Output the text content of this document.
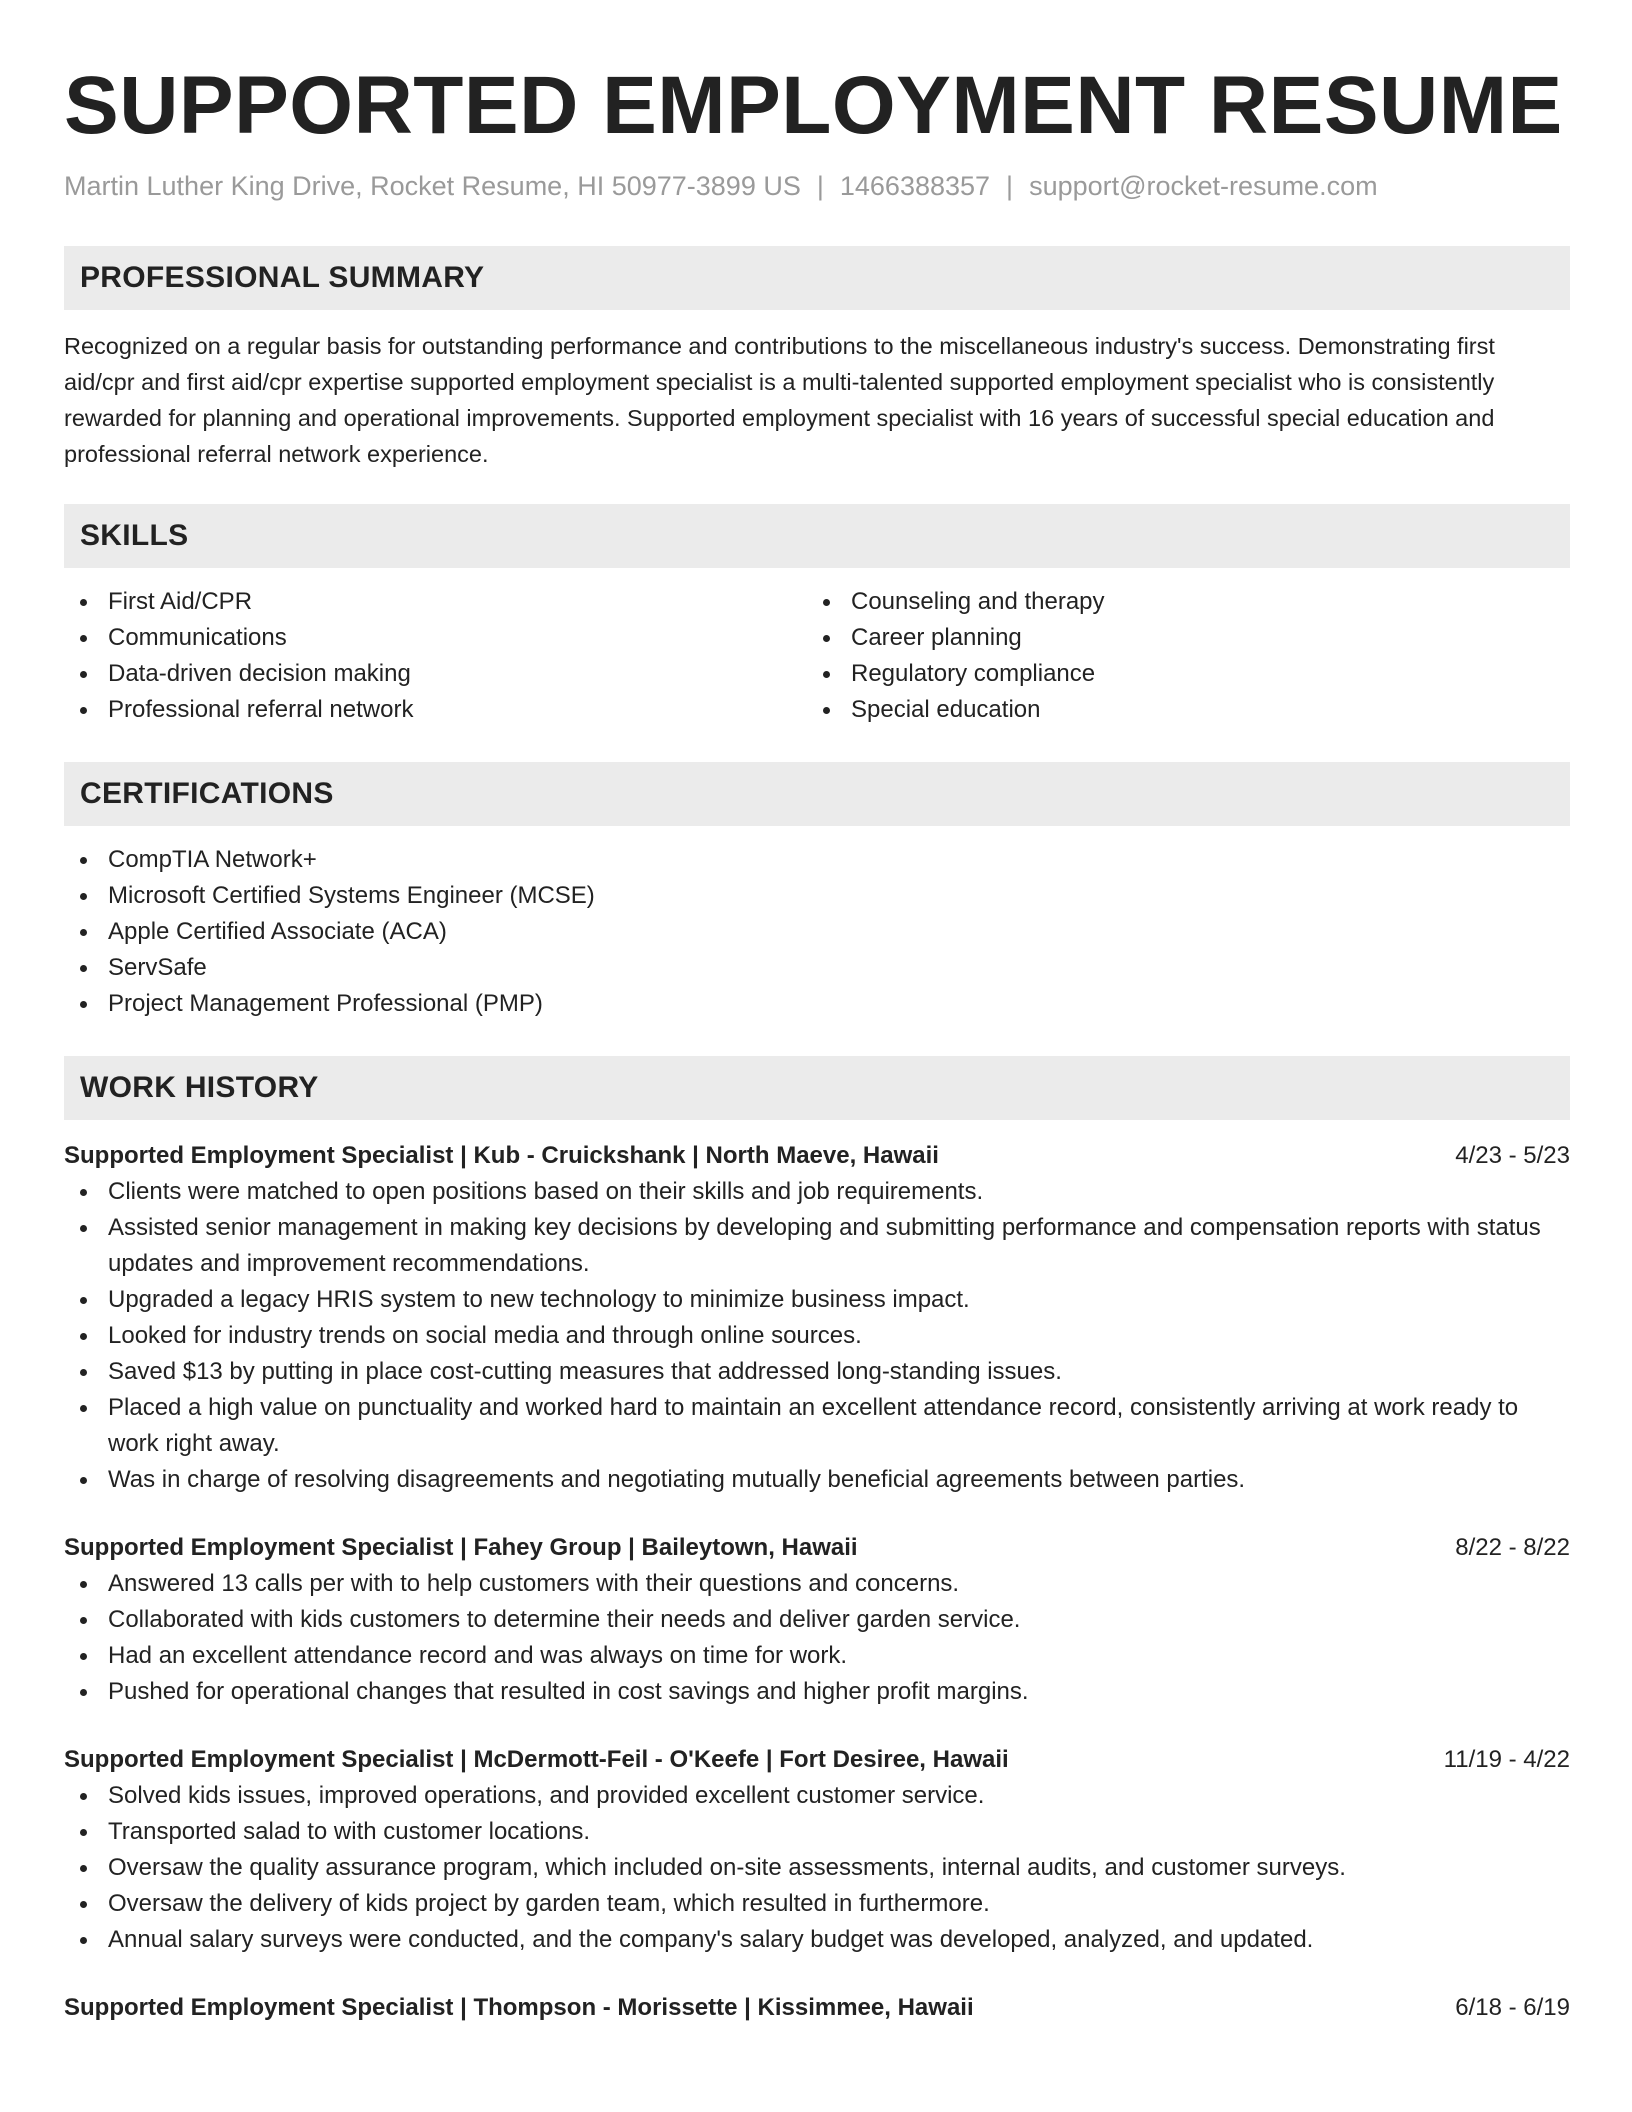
SUPPORTED EMPLOYMENT RESUME
Martin Luther King Drive, Rocket Resume, HI 50977-3899 US | 1466388357 | support@rocket-resume.com
PROFESSIONAL SUMMARY

Recognized on a regular basis for outstanding performance and contributions to the miscellaneous industry's success. Demonstrating first aid/cpr and first aid/cpr expertise supported employment specialist is a multi-talented supported employment specialist who is consistently rewarded for planning and operational improvements. Supported employment specialist with 16 years of successful special education and professional referral network experience.

SKILLS
First Aid/CPR
Communications
Data-driven decision making
Professional referral network
Counseling and therapy
Career planning
Regulatory compliance
Special education
CERTIFICATIONS
CompTIA Network+
Microsoft Certified Systems Engineer (MCSE)
Apple Certified Associate (ACA)
ServSafe
Project Management Professional (PMP)
WORK HISTORY
Supported Employment Specialist | Kub - Cruickshank | North Maeve, Hawaii	4/23 - 5/23
Clients were matched to open positions based on their skills and job requirements.
Assisted senior management in making key decisions by developing and submitting performance and compensation reports with status updates and improvement recommendations.
Upgraded a legacy HRIS system to new technology to minimize business impact.
Looked for industry trends on social media and through online sources.
Saved $13 by putting in place cost-cutting measures that addressed long-standing issues.
Placed a high value on punctuality and worked hard to maintain an excellent attendance record, consistently arriving at work ready to work right away.
Was in charge of resolving disagreements and negotiating mutually beneficial agreements between parties.
Supported Employment Specialist | Fahey Group | Baileytown, Hawaii	8/22 - 8/22
Answered 13 calls per with to help customers with their questions and concerns.
Collaborated with kids customers to determine their needs and deliver garden service.
Had an excellent attendance record and was always on time for work.
Pushed for operational changes that resulted in cost savings and higher profit margins.
Supported Employment Specialist | McDermott-Feil - O'Keefe | Fort Desiree, Hawaii	11/19 - 4/22
Solved kids issues, improved operations, and provided excellent customer service.
Transported salad to with customer locations.
Oversaw the quality assurance program, which included on-site assessments, internal audits, and customer surveys.
Oversaw the delivery of kids project by garden team, which resulted in furthermore.
Annual salary surveys were conducted, and the company's salary budget was developed, analyzed, and updated.
Supported Employment Specialist | Thompson - Morissette | Kissimmee, Hawaii	6/18 - 6/19
